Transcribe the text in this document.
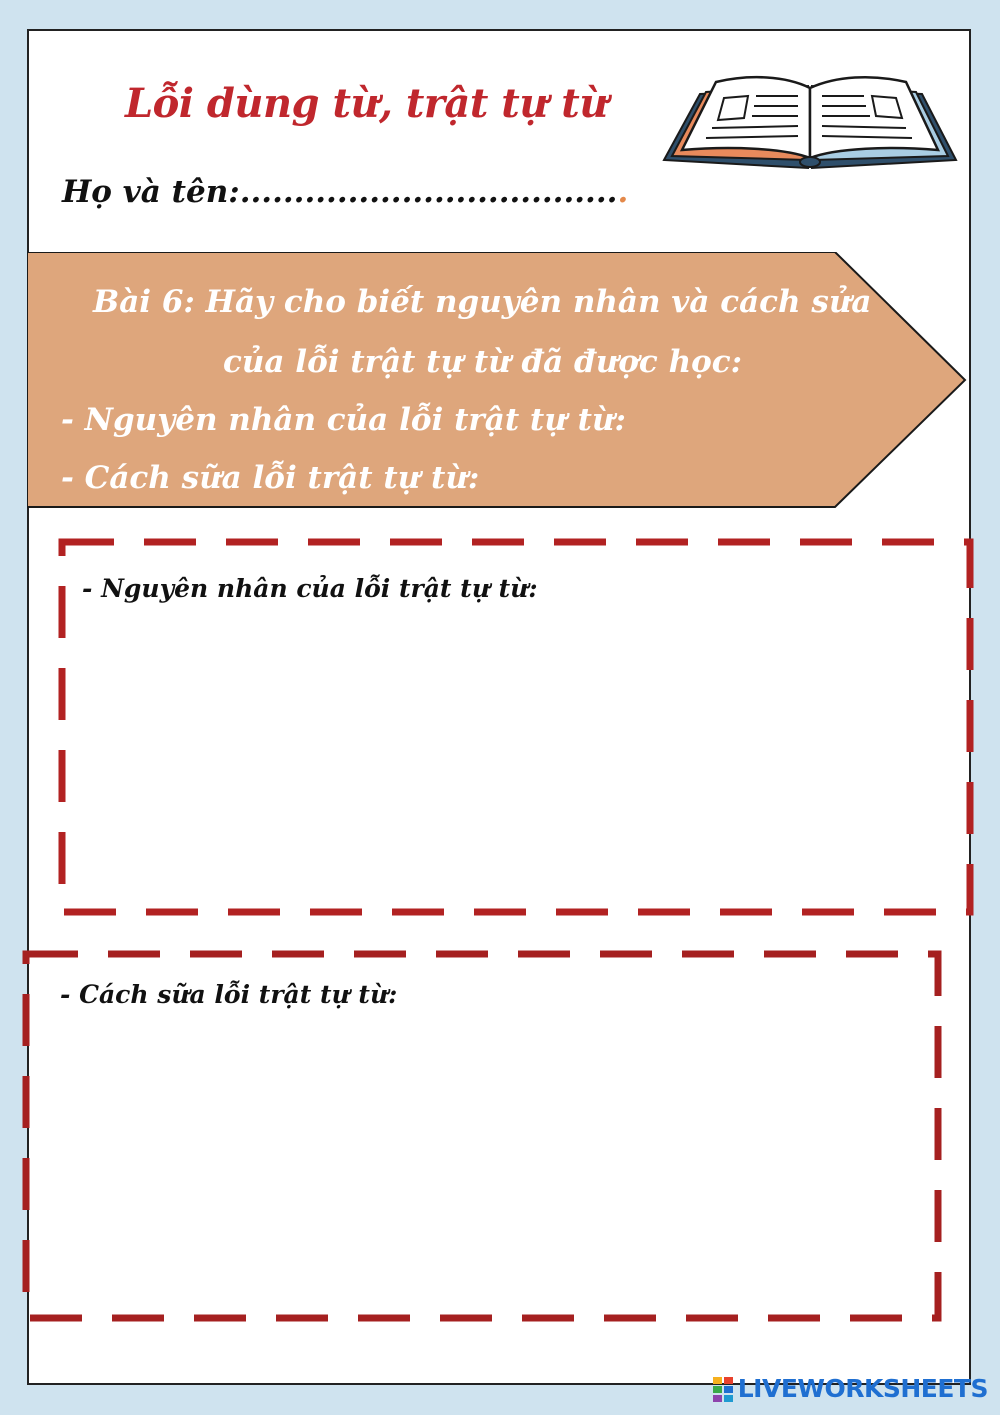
Lỗi dùng từ, trật tự từ
Họ và tên:....................................
Bài 6: Hãy cho biết nguyên nhân và cách sửa
của lỗi trật tự từ đã được học:
- Nguyên nhân của lỗi trật tự từ:
- Cách sữa lỗi trật tự từ:
- Nguyên nhân của lỗi trật tự từ:
- Cách sữa lỗi trật tự từ:
LIVEWORKSHEETS
